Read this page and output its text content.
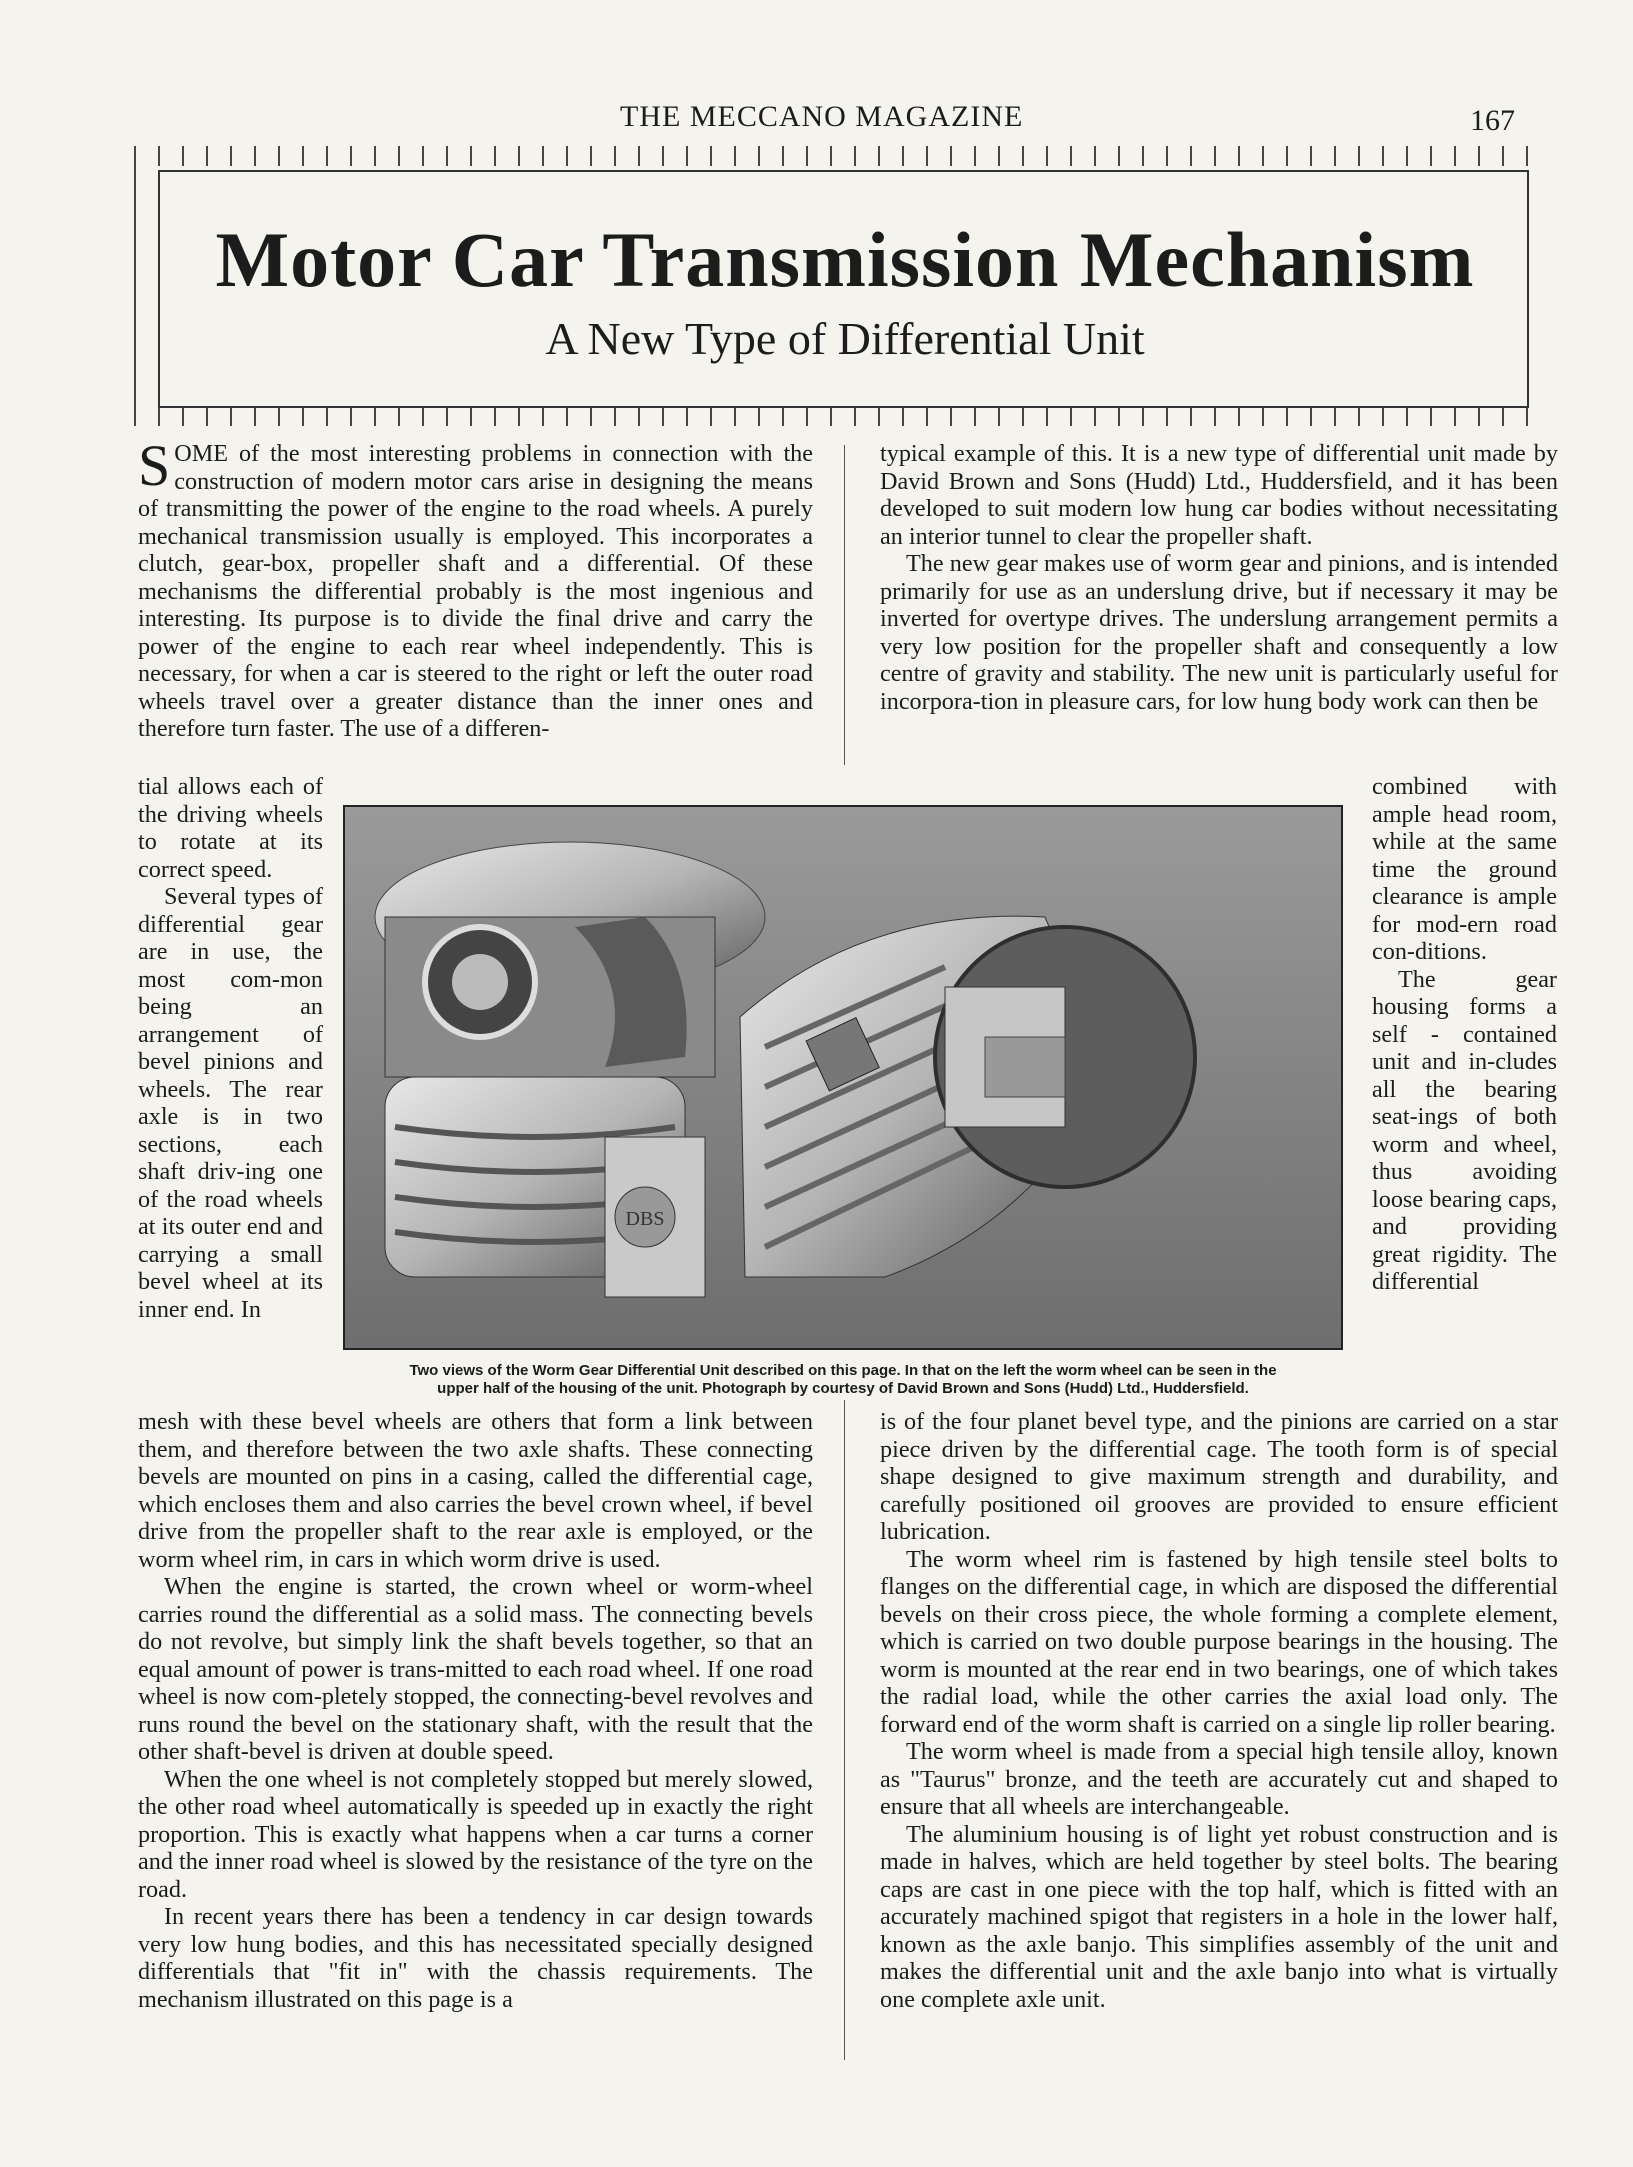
THE MECCANO MAGAZINE	167
Motor Car Transmission Mechanism
A New Type of Differential Unit

SOME of the most interesting problems in connection with the construction of modern motor cars arise in designing the means of transmitting the power of the engine to the road wheels. A purely mechanical transmission usually is employed. This incorporates a clutch, gear-box, propeller shaft and a differential. Of these mechanisms the differential probably is the most ingenious and interesting. Its purpose is to divide the final drive and carry the power of the engine to each rear wheel independently. This is necessary, for when a car is steered to the right or left the outer road wheels travel over a greater distance than the inner ones and therefore turn faster. The use of a differen-

typical example of this. It is a new type of differential unit made by David Brown and Sons (Hudd) Ltd., Huddersfield, and it has been developed to suit modern low hung car bodies without necessitating an interior tunnel to clear the propeller shaft.

The new gear makes use of worm gear and pinions, and is intended primarily for use as an underslung drive, but if necessary it may be inverted for overtype drives. The underslung arrangement permits a very low position for the propeller shaft and consequently a low centre of gravity and stability. The new unit is particularly useful for incorpora-tion in pleasure cars, for low hung body work can then be

tial allows each of the driving wheels to rotate at its correct speed.

Several types of differential gear are in use, the most com-mon being an arrangement of bevel pinions and wheels. The rear axle is in two sections, each shaft driv-ing one of the road wheels at its outer end and carrying a small bevel wheel at its inner end. In

DBS

combined with ample head room, while at the same time the ground clearance is ample for mod-ern road con-ditions.

The gear housing forms a self - contained unit and in-cludes all the bearing seat-ings of both worm and wheel, thus avoiding loose bearing caps, and providing great rigidity. The differential

Two views of the Worm Gear Differential Unit described on this page. In that on the left the worm wheel can be seen in the
upper half of the housing of the unit. Photograph by courtesy of David Brown and Sons (Hudd) Ltd., Huddersfield.

mesh with these bevel wheels are others that form a link between them, and therefore between the two axle shafts. These connecting bevels are mounted on pins in a casing, called the differential cage, which encloses them and also carries the bevel crown wheel, if bevel drive from the propeller shaft to the rear axle is employed, or the worm wheel rim, in cars in which worm drive is used.

When the engine is started, the crown wheel or worm-wheel carries round the differential as a solid mass. The connecting bevels do not revolve, but simply link the shaft bevels together, so that an equal amount of power is trans-mitted to each road wheel. If one road wheel is now com-pletely stopped, the connecting-bevel revolves and runs round the bevel on the stationary shaft, with the result that the other shaft-bevel is driven at double speed.

When the one wheel is not completely stopped but merely slowed, the other road wheel automatically is speeded up in exactly the right proportion. This is exactly what happens when a car turns a corner and the inner road wheel is slowed by the resistance of the tyre on the road.

In recent years there has been a tendency in car design towards very low hung bodies, and this has necessitated specially designed differentials that "fit in" with the chassis requirements. The mechanism illustrated on this page is a

is of the four planet bevel type, and the pinions are carried on a star piece driven by the differential cage. The tooth form is of special shape designed to give maximum strength and durability, and carefully positioned oil grooves are provided to ensure efficient lubrication.

The worm wheel rim is fastened by high tensile steel bolts to flanges on the differential cage, in which are disposed the differential bevels on their cross piece, the whole forming a complete element, which is carried on two double purpose bearings in the housing. The worm is mounted at the rear end in two bearings, one of which takes the radial load, while the other carries the axial load only. The forward end of the worm shaft is carried on a single lip roller bearing.

The worm wheel is made from a special high tensile alloy, known as "Taurus" bronze, and the teeth are accurately cut and shaped to ensure that all wheels are interchangeable.

The aluminium housing is of light yet robust construction and is made in halves, which are held together by steel bolts. The bearing caps are cast in one piece with the top half, which is fitted with an accurately machined spigot that registers in a hole in the lower half, known as the axle banjo. This simplifies assembly of the unit and makes the differential unit and the axle banjo into what is virtually one complete axle unit.
